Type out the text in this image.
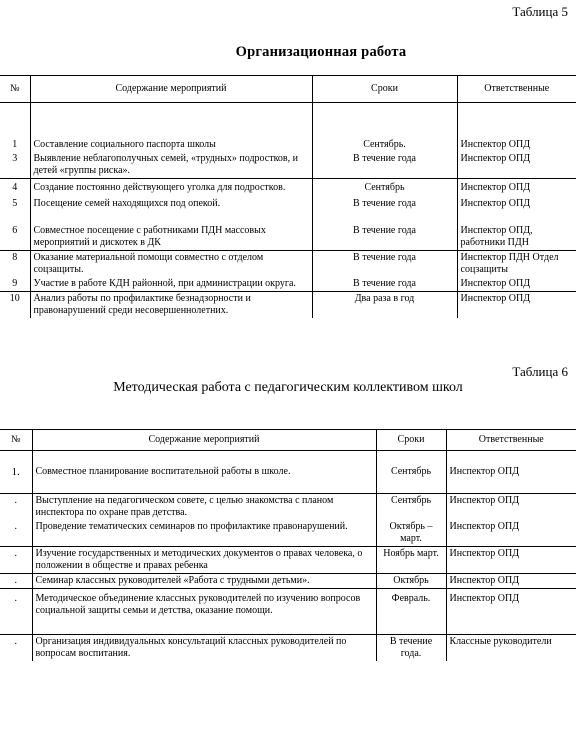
Таблица 5
Организационная работа
№	Содержание мероприятий	Сроки	Ответственные
1	Составление социального паспорта школы	Сентябрь.	Инспектор ОПД
3	Выявление неблагополучных семей, «трудных» подростков, и детей «группы риска».	В течение года	Инспектор ОПД
4	Создание постоянно действующего уголка для подростков.	Сентябрь	Инспектор ОПД
5	Посещение семей находящихся под опекой.	В течение года	Инспектор ОПД
6	Совместное посещение с работниками ПДН массовых мероприятий и дискотек в ДК	В течение года	Инспектор ОПД, работники ПДН
8	Оказание материальной помощи совместно с отделом соцзащиты.	В течение года	Инспектор ПДН Отдел соцзащиты
9	Участие в работе КДН районной, при администрации округа.	В течение года	Инспектор ОПД
10	Анализ работы по профилактике безнадзорности и правонарушений среди несовершеннолетних.	Два раза в год	Инспектор ОПД
Таблица 6
Методическая работа с педагогическим коллективом школ
№	Содержание мероприятий	Сроки	Ответственные
1.	Совместное планирование воспитательной работы в школе.	Сентябрь	Инспектор ОПД
.	Выступление на педагогическом совете, с целью знакомства с планом инспектора по охране прав детства.	Сентябрь	Инспектор ОПД
.	Проведение тематических семинаров по профилактике правонарушений.	Октябрь – март.	Инспектор ОПД
.	Изучение государственных и методических документов о правах человека, о положении в обществе и правах ребенка	Ноябрь март.	Инспектор ОПД
.	Семинар классных руководителей «Работа с трудными детьми».	Октябрь	Инспектор ОПД
.	Методическое объединение классных руководителей по изучению вопросов социальной защиты семьи и детства, оказание помощи.	Февраль.	Инспектор ОПД
.	Организация индивидуальных консультаций классных руководителей по вопросам воспитания.	В течение года.	Классные руководители
